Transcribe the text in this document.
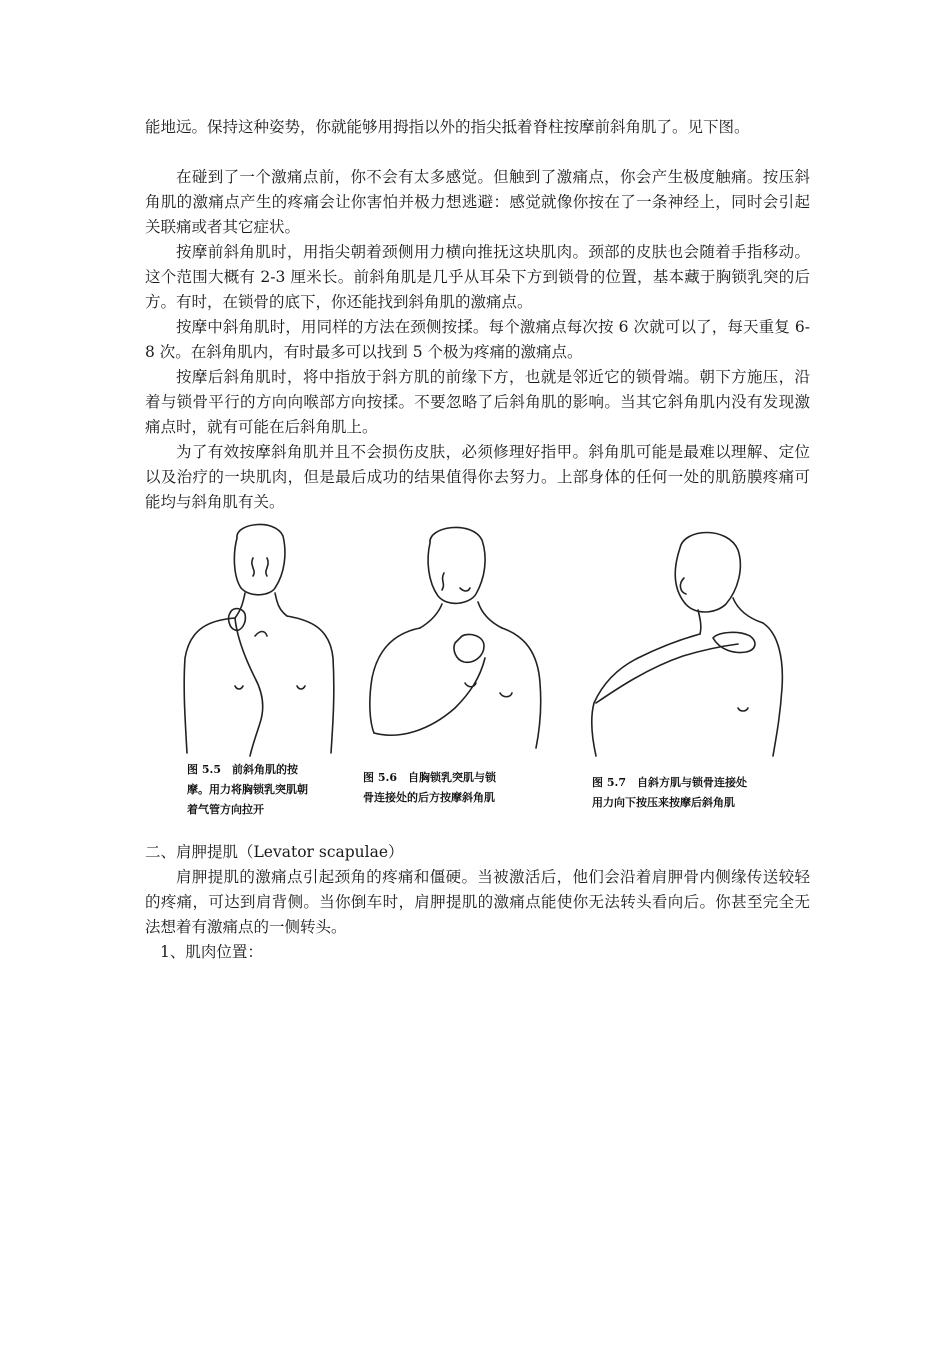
能地远。保持这种姿势，你就能够用拇指以外的指尖抵着脊柱按摩前斜角肌了。见下图。
在碰到了一个激痛点前，你不会有太多感觉。但触到了激痛点，你会产生极度触痛。按压斜角肌的激痛点产生的疼痛会让你害怕并极力想逃避：感觉就像你按在了一条神经上，同时会引起关联痛或者其它症状。
按摩前斜角肌时，用指尖朝着颈侧用力横向推抚这块肌肉。颈部的皮肤也会随着手指移动。这个范围大概有 2-3 厘米长。前斜角肌是几乎从耳朵下方到锁骨的位置，基本藏于胸锁乳突的后方。有时，在锁骨的底下，你还能找到斜角肌的激痛点。
按摩中斜角肌时，用同样的方法在颈侧按揉。每个激痛点每次按 6 次就可以了，每天重复 6-8 次。在斜角肌内，有时最多可以找到 5 个极为疼痛的激痛点。
按摩后斜角肌时，将中指放于斜方肌的前缘下方，也就是邻近它的锁骨端。朝下方施压，沿着与锁骨平行的方向向喉部方向按揉。不要忽略了后斜角肌的影响。当其它斜角肌内没有发现激痛点时，就有可能在后斜角肌上。
为了有效按摩斜角肌并且不会损伤皮肤，必须修理好指甲。斜角肌可能是最难以理解、定位以及治疗的一块肌肉，但是最后成功的结果值得你去努力。上部身体的任何一处的肌筋膜疼痛可能均与斜角肌有关。
图 5.5　前斜角肌的按
摩。用力将胸锁乳突肌朝
着气管方向拉开
图 5.6　自胸锁乳突肌与锁
骨连接处的后方按摩斜角肌
图 5.7　自斜方肌与锁骨连接处
用力向下按压来按摩后斜角肌
二、肩胛提肌（Levator scapulae）
肩胛提肌的激痛点引起颈角的疼痛和僵硬。当被激活后，他们会沿着肩胛骨内侧缘传送较轻的疼痛，可达到肩背侧。当你倒车时，肩胛提肌的激痛点能使你无法转头看向后。你甚至完全无法想着有激痛点的一侧转头。
1、肌肉位置：
